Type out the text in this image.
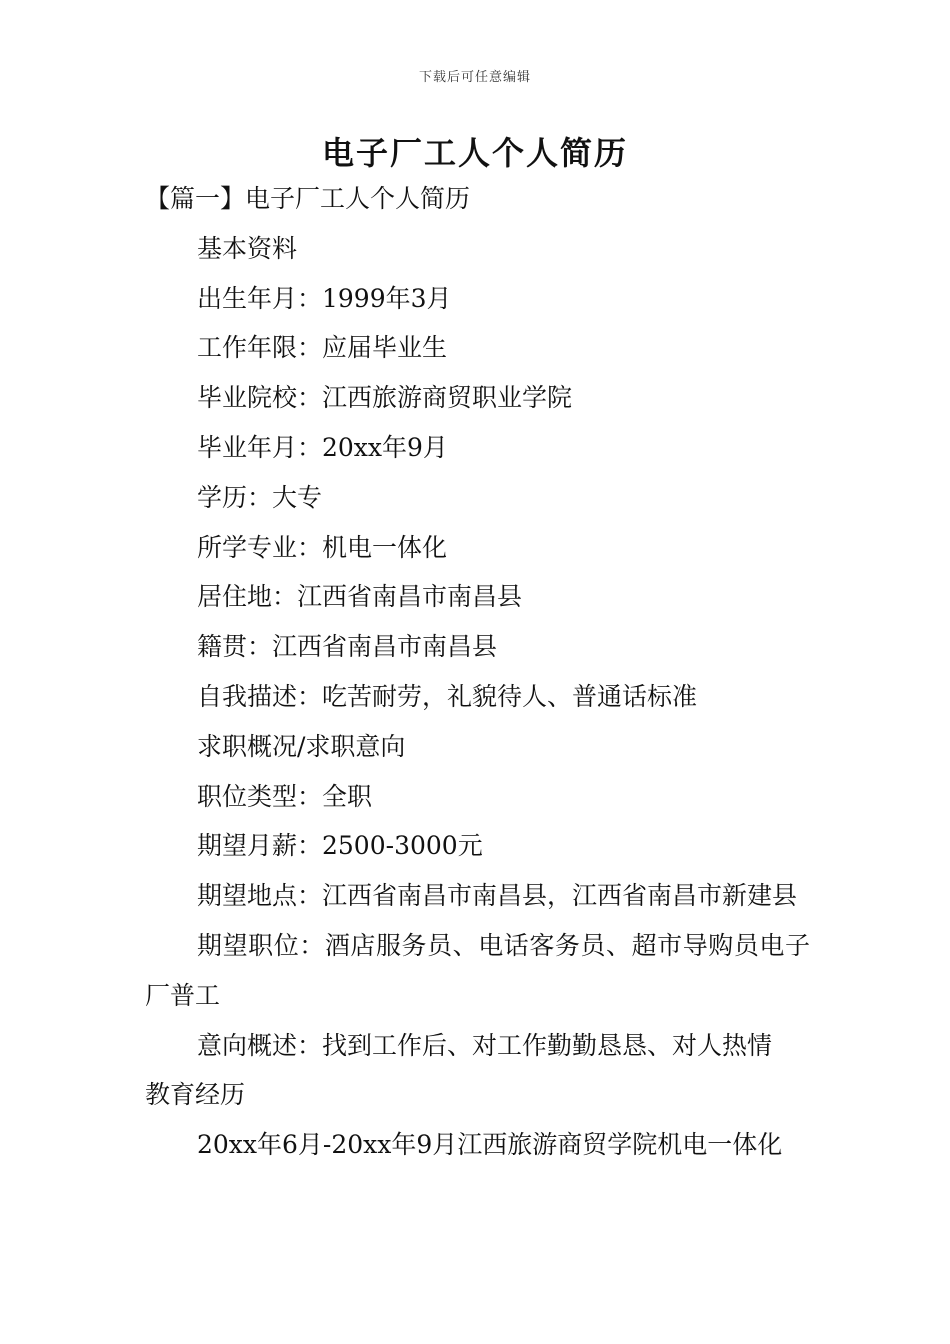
下载后可任意编辑
电子厂工人个人简历

【篇一】电子厂工人个人简历

基本资料

出生年月：1999年3月

工作年限：应届毕业生

毕业院校：江西旅游商贸职业学院

毕业年月：20xx年9月

学历：大专

所学专业：机电一体化

居住地：江西省南昌市南昌县

籍贯：江西省南昌市南昌县

自我描述：吃苦耐劳，礼貌待人、普通话标准

求职概况/求职意向

职位类型：全职

期望月薪：2500-3000元

期望地点：江西省南昌市南昌县，江西省南昌市新建县

期望职位：酒店服务员、电话客务员、超市导购员电子厂普工

意向概述：找到工作后、对工作勤勤恳恳、对人热情

教育经历

20xx年6月-20xx年9月江西旅游商贸学院机电一体化
